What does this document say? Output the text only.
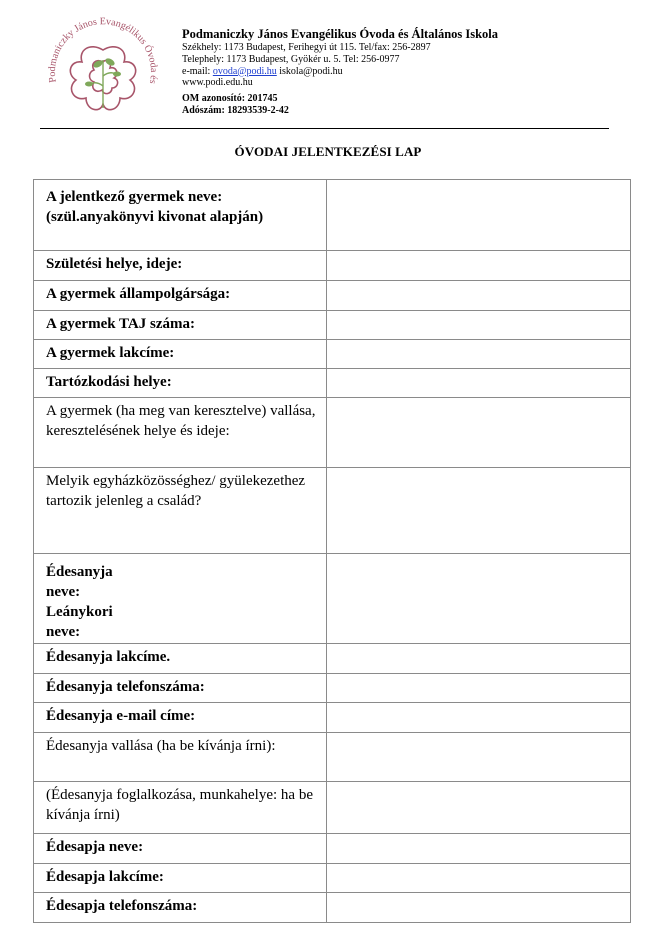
Podmaniczky János Evangélikus Óvoda és
Podmaniczky János Evangélikus Óvoda és Általános Iskola
Székhely: 1173 Budapest, Ferihegyi út 115. Tel/fax: 256-2897
Telephely: 1173 Budapest, Gyökér u. 5. Tel: 256-0977
e-mail: ovoda@podi.hu iskola@podi.hu
www.podi.edu.hu
OM azonosító: 201745
Adószám: 18293539-2-42
ÓVODAI JELENTKEZÉSI LAP
A jelentkező gyermek neve: (szül.anyakönyvi kivonat alapján)	
Születési helye, ideje:	
A gyermek állampolgársága:	
A gyermek TAJ száma:	
A gyermek lakcíme:	
Tartózkodási helye:	
A gyermek (ha meg van keresztelve) vallása, keresztelésének helye és ideje:	
Melyik egyházközösséghez/ gyülekezethez tartozik jelenleg a család?	
Édesanyja neve: Leánykori neve:	
Édesanyja lakcíme.	
Édesanyja telefonszáma:	
Édesanyja e-mail címe:	
Édesanyja vallása (ha be kívánja írni):	
(Édesanyja foglalkozása, munkahelye: ha be kívánja írni)	
Édesapja neve:	
Édesapja lakcíme:	
Édesapja telefonszáma:	
